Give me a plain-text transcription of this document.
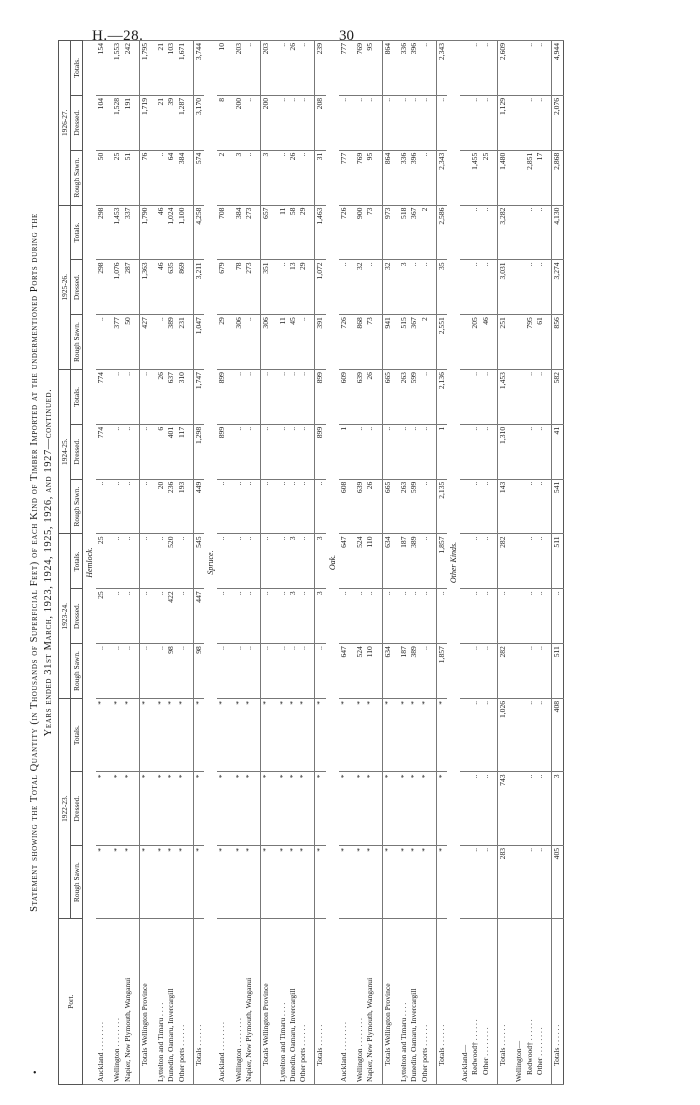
H.—28.	30
Statement showing the Total Quantity (in Thousands of Superficial Feet) of each Kind of Timber Imported at the undermentioned Ports during the Years ended 31st March, 1923, 1924, 1925, 1926, and 1927—continued.
Port.	1922-23.			1923-24.			1924-25.			1925-26.			1926-27.		
	Rough Sawn.	Dressed.	Totals.	Rough Sawn.	Dressed.	Totals.	Rough Sawn.	Dressed.	Totals.	Rough Sawn.	Dressed.	Totals.	Rough Sawn.	Dressed.	Totals.
Hemlock.															
Auckland . . . . . . . .	*	*	*	..	25	25	..	774	774	..	298	298	50	104	154

Wellington . . . . . . . .	*	*	*	..	..	..	..	..	..	377	1,076	1,453	25	1,528	1,553
Napier, New Plymouth, Wanganui	*	*	*	..	..	..	..	..	..	50	287	337	51	191	242

Totals Wellington Province	*	*	*	..	..	..	..	..	..	427	1,363	1,790	76	1,719	1,795

Lyttelton and Timaru . . . .	*	*	*	..	..	..	20	6	26	..	46	46	..	21	21
Dunedin, Oamaru, Invercargill	*	*	*	98	422	520	236	401	637	389	635	1,024	64	39	103
Other ports . . . . . .	*	*	*	..	..	..	193	117	310	231	869	1,100	384	1,287	1,671

Totals . . . . . .	*	*	*	98	447	545	449	1,298	1,747	1,047	3,211	4,258	574	3,170	3,744
Spruce.															
Auckland . . . . . . . .	*	*	*	..	..	..	..	899	899	29	679	708	2	8	10

Wellington . . . . . . . .	*	*	*	..	..	..	..	..	..	306	78	384	3	200	203
Napier, New Plymouth, Wanganui	*	*	*	..	..	..	..	..	..	..	273	273	..	..	..

Totals Wellington Province	*	*	*	..	..	..	..	..	..	306	351	657	3	200	203

Lyttelton and Timaru . . . .	*	*	*	..	..	..	..	..	..	11	..	11	..	..	..
Dunedin, Oamaru, Invercargill	*	*	*	..	3	3	..	..	..	45	13	58	26	..	26
Other ports . . . . . .	*	*	*	..	..	..	..	..	..	..	29	29	..	..	..

Totals . . . . . .	*	*	*	..	3	3	..	899	899	391	1,072	1,463	31	208	239
Oak.															
Auckland . . . . . . . .	*	*	*	647	..	647	608	1	609	726	..	726	777	..	777

Wellington . . . . . . . .	*	*	*	524	..	524	639	..	639	868	32	900	769	..	769
Napier, New Plymouth, Wanganui	*	*	*	110	..	110	26	..	26	73	..	73	95	..	95

Totals Wellington Province	*	*	*	634	..	634	665	..	665	941	32	973	864	..	864

Lyttelton and Timaru . . . .	*	*	*	187	..	187	263	..	263	515	3	518	336	..	336
Dunedin, Oamaru, Invercargill	*	*	*	389	..	389	599	..	599	367	..	367	396	..	396
Other ports . . . . . .	*	*	*	..	..	..	..	..	..	2	..	2	..	..	..

Totals . . . . . .	*	*	*	1,857	..	1,857	2,135	1	2,136	2,551	35	2,586	2,343	..	2,343
Other Kinds.															
Auckland—															
Redwood† . . . . . .	..	..	..	..	..	..	..	..	..	205	..	..	1,455	..	..
Other . . . . . . . .	..	..	..	..	..	..	..	..	..	46	..	..	25	..	..

Totals . . . . . .	283	743	1,026	282	..	282	143	1,310	1,453	251	3,031	3,282	1,480	1,129	2,609

Wellington—															
Redwood† . . . . . .	..	..	..	..	..	..	..	..	..	795	..	..	2,851	..	..
Other . . . . . . . .	..	..	..	..	..	..	..	..	..	61	..	..	17	..	..

Totals . . . . . .	405	3	408	511	..	511	541	41	582	856	3,274	4,130	2,868	2,076	4,944
•
